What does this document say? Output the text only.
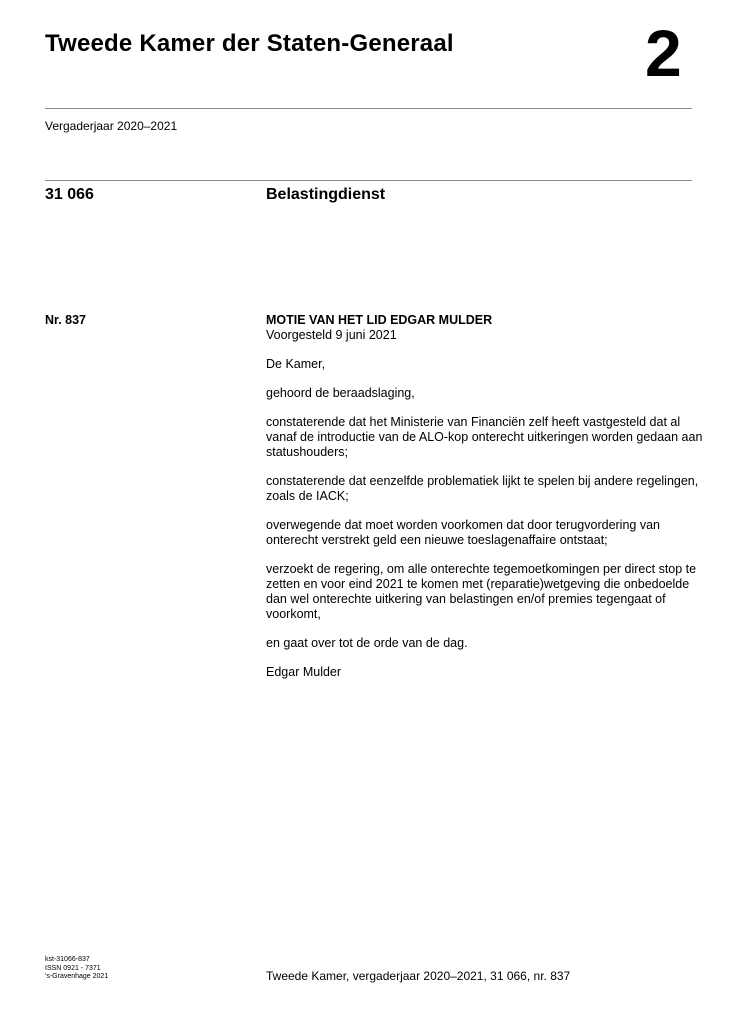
Tweede Kamer der Staten-Generaal	2
Vergaderjaar 2020–2021
31 066	Belastingdienst
Nr. 837	MOTIE VAN HET LID EDGAR MULDER

Voorgesteld 9 juni 2021

De Kamer,

gehoord de beraadslaging,

constaterende dat het Ministerie van Financiën zelf heeft vastgesteld dat al vanaf de introductie van de ALO-kop onterecht uitkeringen worden gedaan aan statushouders;

constaterende dat eenzelfde problematiek lijkt te spelen bij andere regelingen, zoals de IACK;

overwegende dat moet worden voorkomen dat door terugvordering van onterecht verstrekt geld een nieuwe toeslagenaffaire ontstaat;

verzoekt de regering, om alle onterechte tegemoetkomingen per direct stop te zetten en voor eind 2021 te komen met (reparatie)wetgeving die onbedoelde dan wel onterechte uitkering van belastingen en/of premies tegengaat of voorkomt,

en gaat over tot de orde van de dag.

Edgar Mulder

kst-31066-837
ISSN 0921 - 7371
's-Gravenhage 2021	Tweede Kamer, vergaderjaar 2020–2021, 31 066, nr. 837
